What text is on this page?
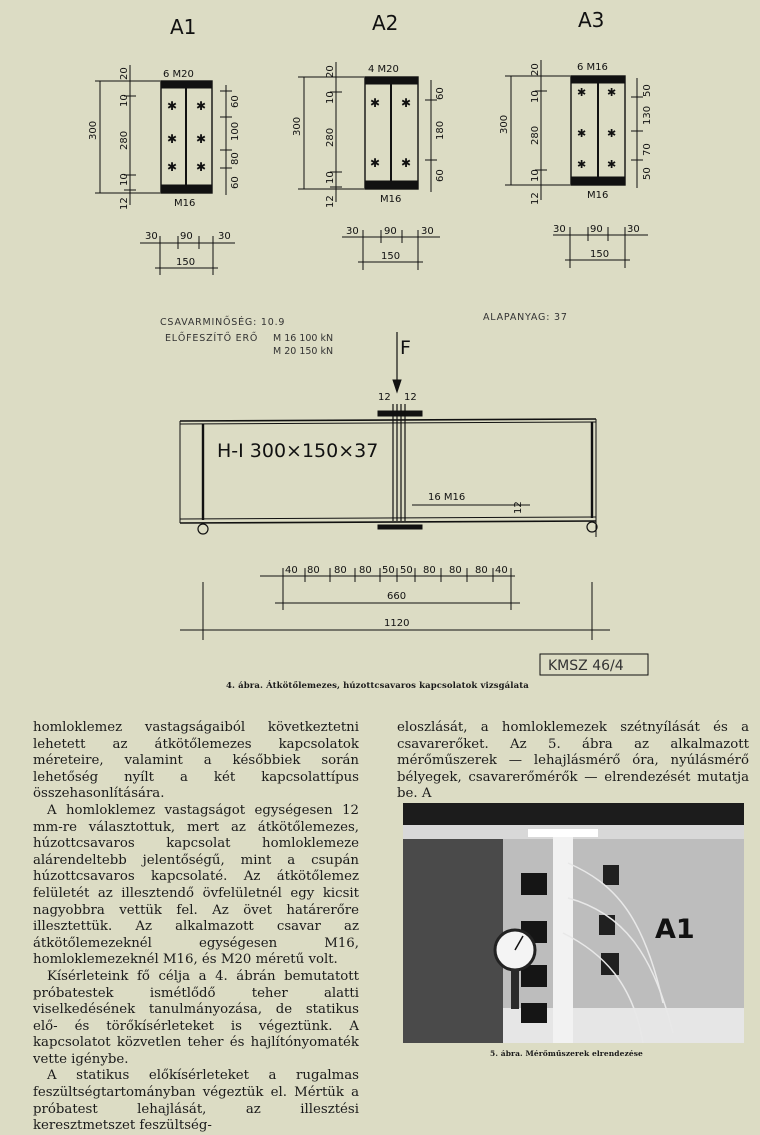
A1
6 M20
✱ ✱
✱ ✱
✱ ✱
M16
300
20
10
280
10
12
60
100
80
60
30 90	30
150
A2
4 M20
✱ ✱
✱ ✱
M16
300
20
10
280
10
12
60
180
60
30	90 30
150
A3
6 M16
✱ ✱
✱ ✱
✱ ✱
M16
300
20
10
280
10
12
50
130
70
50
30 90 30
150
CSAVARMINŐSÉG: 10.9
ELŐFESZÍTŐ ERŐ M 16 100 kN
M 20 150 kN
ALAPANYAG: 37
F
12 12
H-I 300×150×37
16 M16
12
40 80 80 80 50 50 80 80 80 40
660
1120
KMSZ 46/4
4. ábra. Átkötőlemezes, húzottcsavaros kapcsolatok vizsgálata

homloklemez vastagságaiból következtetni lehetett az átkötőlemezes kapcsolatok méreteire, valamint a későbbiek során lehetőség nyílt a két kapcsolattípus összehasonlítására.

A homloklemez vastagságot egységesen 12 mm-re választottuk, mert az átkötőlemezes, húzottcsavaros kapcsolat homloklemeze alárendeltebb jelentőségű, mint a csupán húzottcsavaros kapcsolaté. Az átkötőlemez felületét az illesztendő övfelületnél egy kicsit nagyobbra vettük fel. Az övet határerőre illesztettük. Az alkalmazott csavar az átkötőlemezeknél egységesen M16, homloklemezeknél M16, és M20 méretű volt.

Kísérleteink fő célja a 4. ábrán bemutatott próbatestek ismétlődő teher alatti viselkedésének tanulmányozása, de statikus elő- és törőkísérleteket is végeztünk. A kapcsolatot közvetlen teher és hajlítónyomaték vette igénybe.

A statikus előkísérleteket a rugalmas feszültségtartományban végeztük el. Mértük a próbatest lehajlását, az illesztési keresztmetszet feszültség-

eloszlását, a homloklemezek szétnyílását és a csavarerőket. Az 5. ábra az alkalmazott mérőműszerek — lehajlásmérő óra, nyúlásmérő bélyegek, csavarerőmérők — elrendezését mutatja be. A

A1
5. ábra. Mérőműszerek elrendezése
